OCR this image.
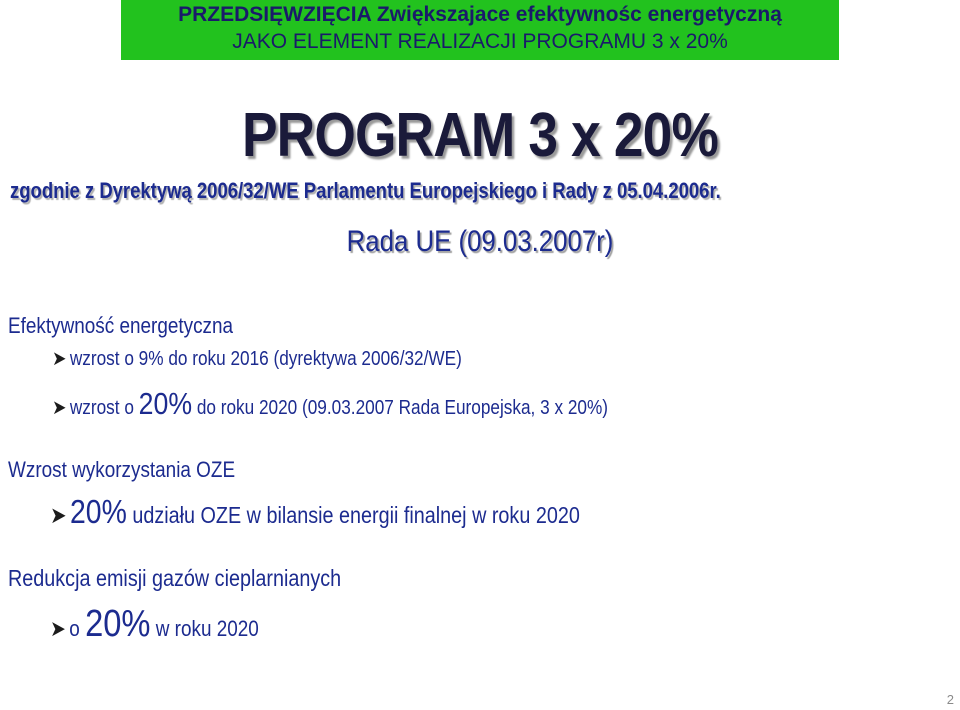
PRZEDSIĘWZIĘCIA Zwiększajace efektywnośc energetyczną
JAKO ELEMENT REALIZACJI PROGRAMU 3 x 20%
PROGRAM 3 x 20%
zgodnie z Dyrektywą 2006/32/WE Parlamentu Europejskiego i Rady z 05.04.2006r.
Rada UE (09.03.2007r)
Efektywność energetyczna
➤ wzrost o 9% do roku 2016 (dyrektywa 2006/32/WE)
➤ wzrost o 20% do roku 2020 (09.03.2007 Rada Europejska, 3 x 20%)
Wzrost wykorzystania OZE
➤ 20% udziału OZE w bilansie energii finalnej w roku 2020
Redukcja emisji gazów cieplarnianych
➤ o 20% w roku 2020
2
